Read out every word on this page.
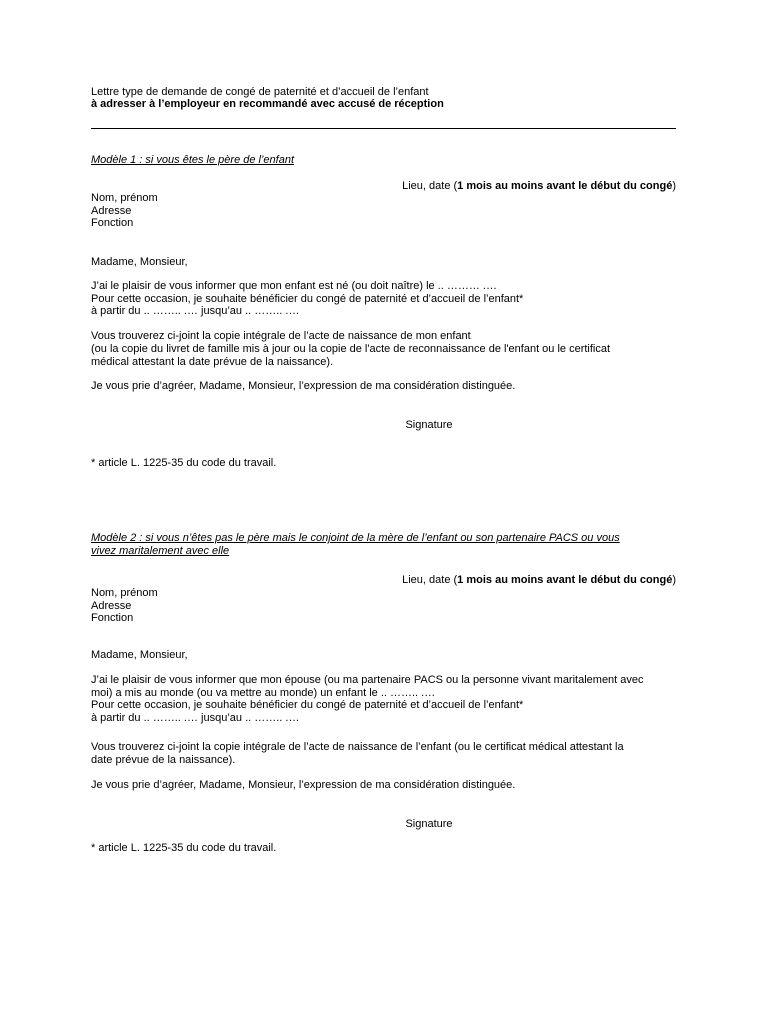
Lettre type de demande de congé de paternité et d’accueil de l’enfant
à adresser à l’employeur en recommandé avec accusé de réception
Modèle 1 : si vous êtes le père de l’enfant
Lieu, date (1 mois au moins avant le début du congé)
Nom, prénom
Adresse
Fonction
Madame, Monsieur,
J’ai le plaisir de vous informer que mon enfant est né (ou doit naître) le .. ……… .…
Pour cette occasion, je souhaite bénéficier du congé de paternité et d’accueil de l’enfant*
à partir du .. …….. .… jusqu’au .. …….. .…
Vous trouverez ci-joint la copie intégrale de l’acte de naissance de mon enfant
(ou la copie du livret de famille mis à jour ou la copie de l'acte de reconnaissance de l'enfant ou le certificat
médical attestant la date prévue de la naissance).
Je vous prie d’agréer, Madame, Monsieur, l’expression de ma considération distinguée.
Signature
* article L. 1225-35 du code du travail.
Modèle 2 : si vous n’êtes pas le père mais le conjoint de la mère de l’enfant ou son partenaire PACS ou vous
vivez maritalement avec elle
Lieu, date (1 mois au moins avant le début du congé)
Nom, prénom
Adresse
Fonction
Madame, Monsieur,
J’ai le plaisir de vous informer que mon épouse (ou ma partenaire PACS ou la personne vivant maritalement avec
moi) a mis au monde (ou va mettre au monde) un enfant le .. …….. .…
Pour cette occasion, je souhaite bénéficier du congé de paternité et d’accueil de l’enfant*
à partir du .. …….. .… jusqu’au .. …….. .…
Vous trouverez ci-joint la copie intégrale de l’acte de naissance de l’enfant (ou le certificat médical attestant la
date prévue de la naissance).
Je vous prie d’agréer, Madame, Monsieur, l’expression de ma considération distinguée.
Signature
* article L. 1225-35 du code du travail.
